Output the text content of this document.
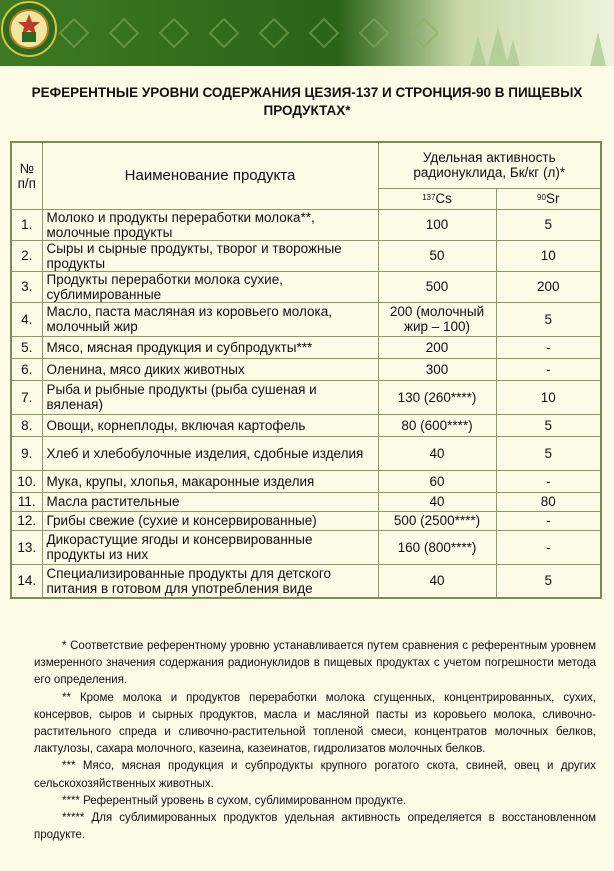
РЕФЕРЕНТНЫЕ УРОВНИ СОДЕРЖАНИЯ ЦЕЗИЯ-137 И СТРОНЦИЯ-90 В ПИЩЕВЫХ ПРОДУКТАХ*
№ п/п	Наименование продукта	Удельная активность радионуклида, Бк/кг (л)*	
		$^{137}$Cs	$^{90}$Sr
1.	Молоко и продукты переработки молока**, молочные продукты	100	5
2.	Сыры и сырные продукты, творог и творожные продукты	50	10
3.	Продукты переработки молока сухие, сублимированные	500	200
4.	Масло, паста масляная из коровьего молока, молочный жир	200 (молочный жир – 100)	5
5.	Мясо, мясная продукция и субпродукты***	200	-
6.	Оленина, мясо диких животных	300	-
7.	Рыба и рыбные продукты (рыба сушеная и вяленая)	130 (260****)	10
8.	Овощи, корнеплоды, включая картофель	80 (600****)	5
9.	Хлеб и хлебобулочные изделия, сдобные изделия	40	5
10.	Мука, крупы, хлопья, макаронные изделия	60	-
11.	Масла растительные	40	80
12.	Грибы свежие (сухие и консервированные)	500 (2500****)	-
13.	Дикорастущие ягоды и консервированные продукты из них	160 (800****)	-
14.	Специализированные продукты для детского питания в готовом для употребления виде	40	5

* Соответствие референтному уровню устанавливается путем сравнения с референтным уровнем измеренного значения содержания радионуклидов в пищевых продуктах с учетом погрешности метода его определения.

** Кроме молока и продуктов переработки молока сгущенных, концентрированных, сухих, консервов, сыров и сырных продуктов, масла и масляной пасты из коровьего молока, сливочно-растительного спреда и сливочно-растительной топленой смеси, концентратов молочных белков, лактулозы, сахара молочного, казеина, казеинатов, гидролизатов молочных белков.

*** Мясо, мясная продукция и субпродукты крупного рогатого скота, свиней, овец и других сельскохозяйственных животных.

**** Референтный уровень в сухом, сублимированном продукте.

***** Для сублимированных продуктов удельная активность определяется в восстановленном продукте.
